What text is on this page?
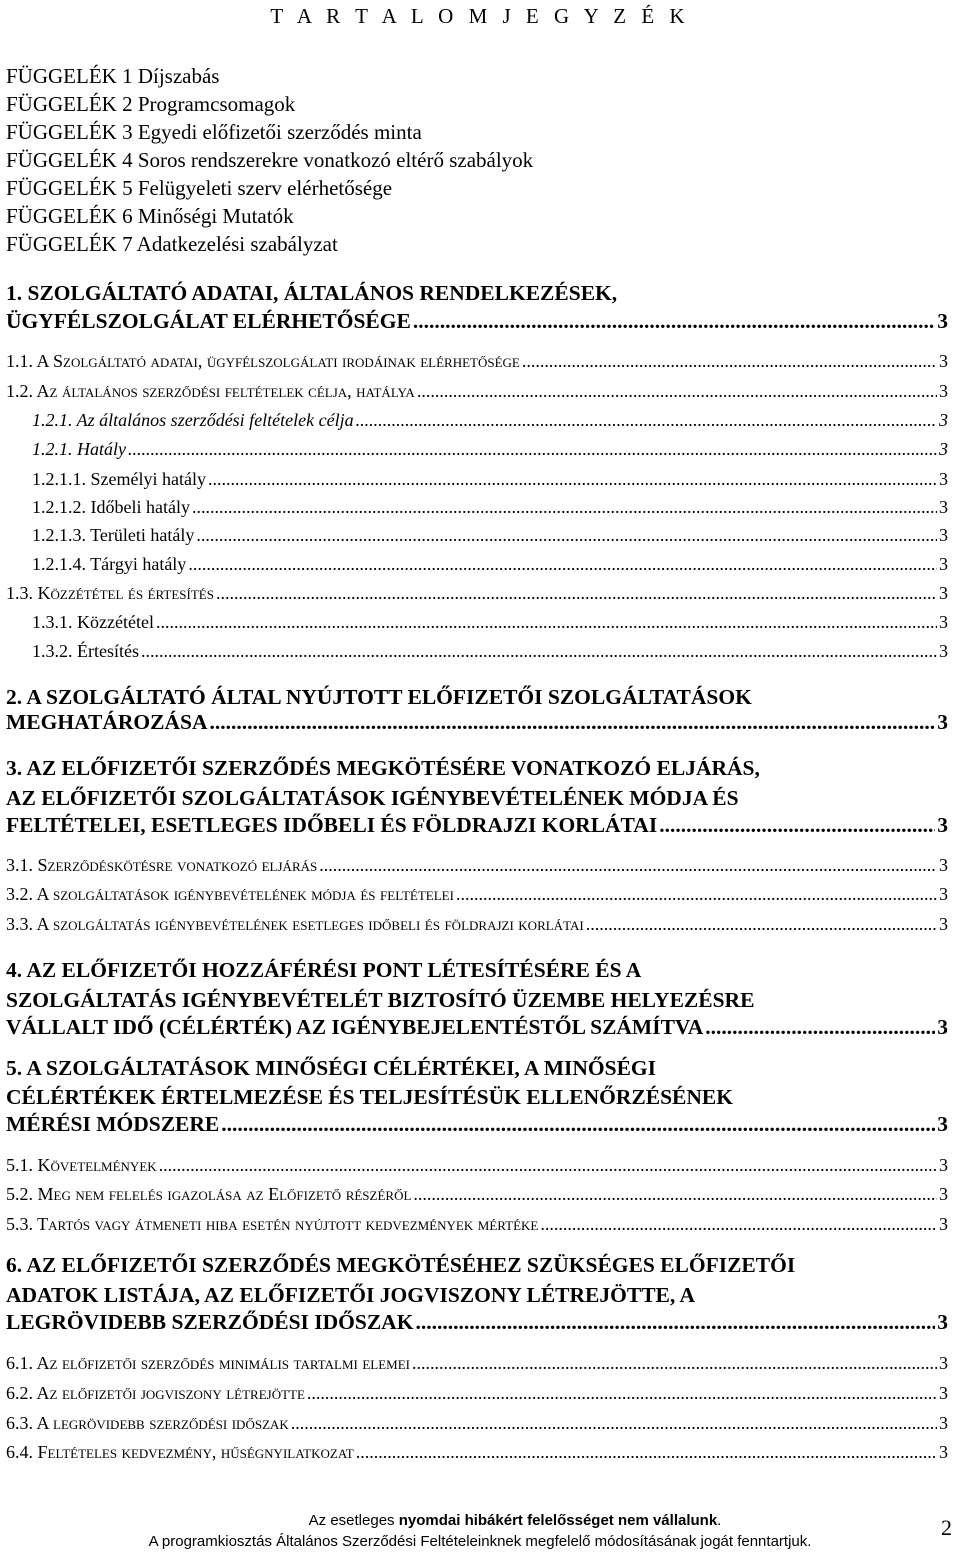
T A R T A L O M J E G Y Z É K
FÜGGELÉK 1 Díjszabás
FÜGGELÉK 2 Programcsomagok
FÜGGELÉK 3 Egyedi előfizetői szerződés minta
FÜGGELÉK 4 Soros rendszerekre vonatkozó eltérő szabályok
FÜGGELÉK 5 Felügyeleti szerv elérhetősége
FÜGGELÉK 6 Minőségi Mutatók
FÜGGELÉK 7 Adatkezelési szabályzat
1. SZOLGÁLTATÓ ADATAI, ÁLTALÁNOS RENDELKEZÉSEK,
ÜGYFÉLSZOLGÁLAT ELÉRHETŐSÉGE .....	3
1.1. A Szolgáltató adatai, ügyfélszolgálati irodáinak elérhetősége .....	3
1.2. Az általános szerződési feltételek célja, hatálya .....	3
1.2.1. Az általános szerződési feltételek célja .....	3
1.2.1. Hatály .....	3
1.2.1.1. Személyi hatály .....	3
1.2.1.2. Időbeli hatály .....	3
1.2.1.3. Területi hatály .....	3
1.2.1.4. Tárgyi hatály .....	3
1.3. Közzététel és értesítés .....	3
1.3.1. Közzététel .....	3
1.3.2. Értesítés .....	3
2. A SZOLGÁLTATÓ ÁLTAL NYÚJTOTT ELŐFIZETŐI SZOLGÁLTATÁSOK
MEGHATÁROZÁSA .....	3
3. AZ ELŐFIZETŐI SZERZŐDÉS MEGKÖTÉSÉRE VONATKOZÓ ELJÁRÁS,
AZ ELŐFIZETŐI SZOLGÁLTATÁSOK IGÉNYBEVÉTELÉNEK MÓDJA ÉS
FELTÉTELEI, ESETLEGES IDŐBELI ÉS FÖLDRAJZI KORLÁTAI .....	3
3.1. Szerződéskötésre vonatkozó eljárás .....	3
3.2. A szolgáltatások igénybevételének módja és feltételei .....	3
3.3. A szolgáltatás igénybevételének esetleges időbeli és földrajzi korlátai .....	3
4. AZ ELŐFIZETŐI HOZZÁFÉRÉSI PONT LÉTESÍTÉSÉRE ÉS A
SZOLGÁLTATÁS IGÉNYBEVÉTELÉT BIZTOSÍTÓ ÜZEMBE HELYEZÉSRE
VÁLLALT IDŐ (CÉLÉRTÉK) AZ IGÉNYBEJELENTÉSTŐL SZÁMÍTVA .....	3
5. A SZOLGÁLTATÁSOK MINŐSÉGI CÉLÉRTÉKEI, A MINŐSÉGI
CÉLÉRTÉKEK ÉRTELMEZÉSE ÉS TELJESÍTÉSÜK ELLENŐRZÉSÉNEK
MÉRÉSI MÓDSZERE .....	3
5.1. Követelmények .....	3
5.2. Meg nem felelés igazolása az Előfizető részéről .....	3
5.3. Tartós vagy átmeneti hiba esetén nyújtott kedvezmények mértéke .....	3
6. AZ ELŐFIZETŐI SZERZŐDÉS MEGKÖTÉSÉHEZ SZÜKSÉGES ELŐFIZETŐI
ADATOK LISTÁJA, AZ ELŐFIZETŐI JOGVISZONY LÉTREJÖTTE, A
LEGRÖVIDEBB SZERZŐDÉSI IDŐSZAK .....	3
6.1. Az előfizetői szerződés minimális tartalmi elemei .....	3
6.2. Az előfizetői jogviszony létrejötte .....	3
6.3. A legrövidebb szerződési időszak .....	3
6.4. Feltételes kedvezmény, hűségnyilatkozat .....	3
Az esetleges nyomdai hibákért felelősséget nem vállalunk.
A programkiosztás Általános Szerződési Feltételeinknek megfelelő módosításának jogát fenntartjuk.
2
